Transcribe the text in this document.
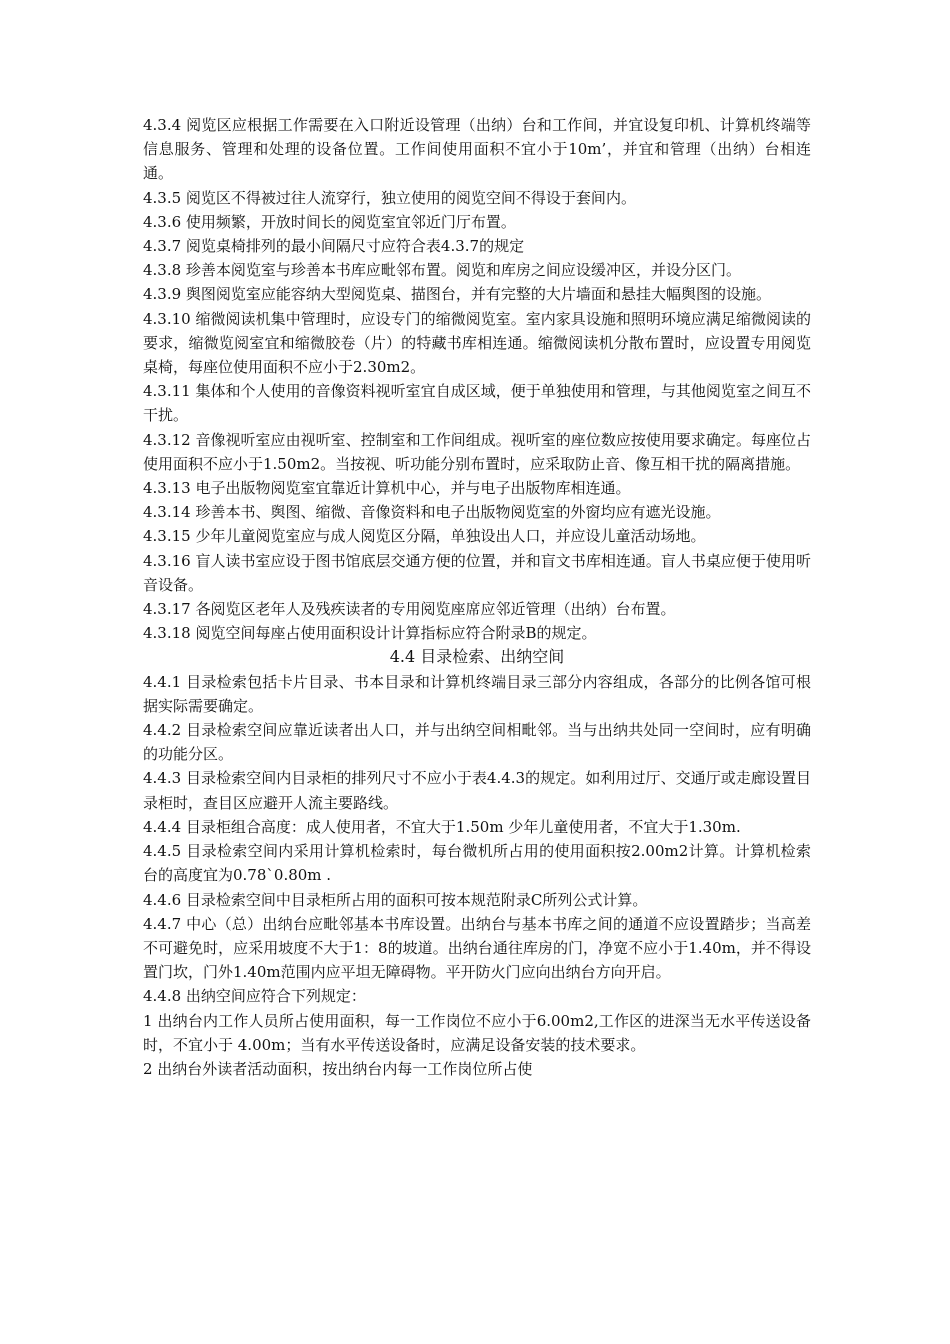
4.3.4 阅览区应根据工作需要在入口附近设管理（出纳）台和工作间，并宜设复印机、计算机终端等信息服务、管理和处理的设备位置。工作间使用面积不宜小于10m’，并宜和管理（出纳）台相连通。

4.3.5 阅览区不得被过往人流穿行，独立使用的阅览空间不得设于套间内。

4.3.6 使用频繁，开放时间长的阅览室宜邻近门厅布置。

4.3.7 阅览桌椅排列的最小间隔尺寸应符合表4.3.7的规定

4.3.8 珍善本阅览室与珍善本书库应毗邻布置。阅览和库房之间应设缓冲区，并设分区门。

4.3.9 舆图阅览室应能容纳大型阅览桌、描图台，并有完整的大片墙面和悬挂大幅舆图的设施。

4.3.10 缩微阅读机集中管理时，应设专门的缩微阅览室。室内家具设施和照明环境应满足缩微阅读的要求，缩微览阅室宜和缩微胶卷（片）的特藏书库相连通。缩微阅读机分散布置时，应设置专用阅览桌椅，每座位使用面积不应小于2.30m2。

4.3.11 集体和个人使用的音像资料视听室宜自成区域，便于单独使用和管理，与其他阅览室之间互不干扰。

4.3.12 音像视听室应由视听室、控制室和工作间组成。视听室的座位数应按使用要求确定。每座位占使用面积不应小于1.50m2。当按视、听功能分别布置时，应采取防止音、像互相干扰的隔离措施。

4.3.13 电子出版物阅览室宜靠近计算机中心，并与电子出版物库相连通。

4.3.14 珍善本书、舆图、缩微、音像资料和电子出版物阅览室的外窗均应有遮光设施。

4.3.15 少年儿童阅览室应与成人阅览区分隔，单独设出人口，并应设儿童活动场地。

4.3.16 盲人读书室应设于图书馆底层交通方便的位置，并和盲文书库相连通。盲人书桌应便于使用听音设备。

4.3.17 各阅览区老年人及残疾读者的专用阅览座席应邻近管理（出纳）台布置。

4.3.18 阅览空间每座占使用面积设计计算指标应符合附录B的规定。

4.4 目录检索、出纳空间

4.4.1 目录检索包括卡片目录、书本目录和计算机终端目录三部分内容组成，各部分的比例各馆可根据实际需要确定。

4.4.2 目录检索空间应靠近读者出人口，并与出纳空间相毗邻。当与出纳共处同一空间时，应有明确的功能分区。

4.4.3 目录检索空间内目录柜的排列尺寸不应小于表4.4.3的规定。如利用过厅、交通厅或走廊设置目录柜时，查目区应避开人流主要路线。

4.4.4 目录柜组合高度：成人使用者，不宜大于1.50m 少年儿童使用者，不宜大于1.30m.

4.4.5 目录检索空间内采用计算机检索时，每台微机所占用的使用面积按2.00m2计算。计算机检索台的高度宜为0.78`0.80m .

4.4.6 目录检索空间中目录柜所占用的面积可按本规范附录C所列公式计算。

4.4.7 中心（总）出纳台应毗邻基本书库设置。出纳台与基本书库之间的通道不应设置踏步；当高差不可避免时，应采用坡度不大于1：8的坡道。出纳台通往库房的门，净宽不应小于1.40m，并不得设置门坎，门外1.40m范围内应平坦无障碍物。平开防火门应向出纳台方向开启。

4.4.8 出纳空间应符合下列规定：

1 出纳台内工作人员所占使用面积，每一工作岗位不应小于6.00m2,工作区的进深当无水平传送设备时，不宜小于 4.00m；当有水平传送设备时，应满足设备安装的技术要求。

2 出纳台外读者活动面积，按出纳台内每一工作岗位所占使
